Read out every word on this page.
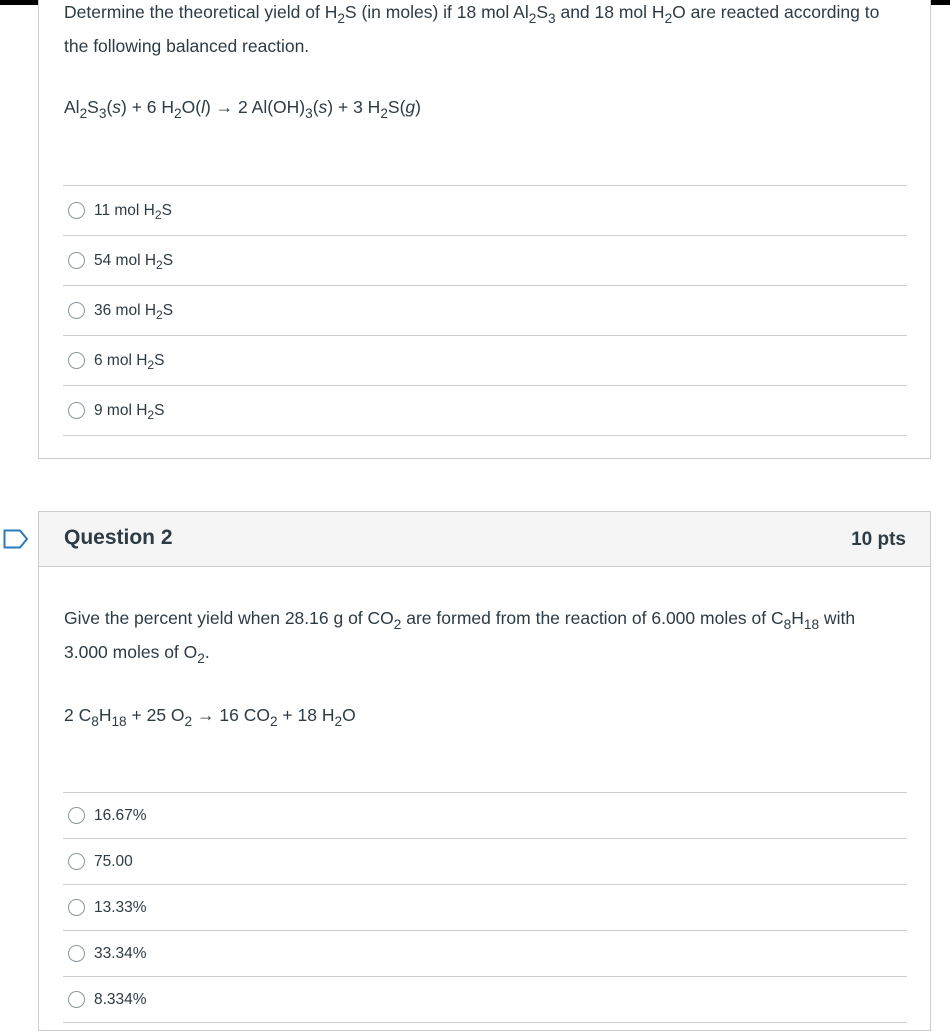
Determine the theoretical yield of $H_2S$ (in moles) if 18 mol $Al_2S_3$ and 18 mol $H_2O$ are reacted according to the following balanced reaction.
$Al_2S_3(s) + 6$ $H_2O(l) \to 2$ $Al(OH)_3(s) + 3$ $H_2S(g)$
11 mol $H_2S$
54 mol $H_2S$
36 mol $H_2S$
6 mol $H_2S$
9 mol $H_2S$
Question 2	10 pts
Give the percent yield when 28.16 g of $CO_2$ are formed from the reaction of 6.000 moles of $C_8H_{18}$ with 3.000 moles of $O_2$.
2 $C_8H_{18} + 25$ $O_2 \to 16$ $CO_2 + 18$ $H_2O$
16.67%
75.00
13.33%
33.34%
8.334%
